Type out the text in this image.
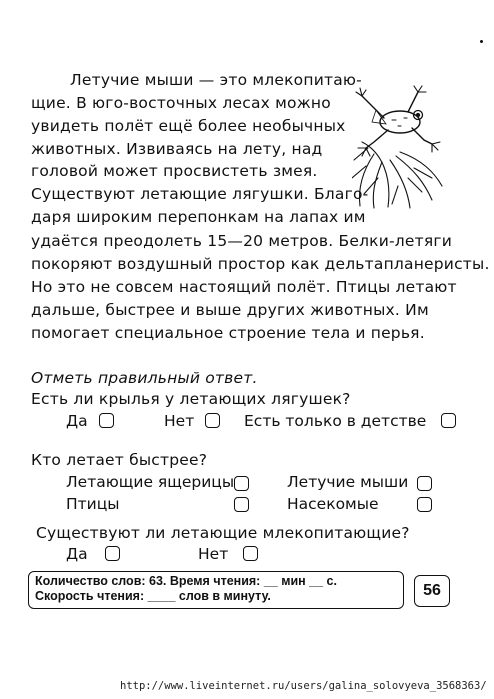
Летучие мыши — это млекопитаю-
щие. В юго-восточных лесах можно
увидеть полёт ещё более необычных
животных. Извиваясь на лету, над
головой может просвистеть змея.
Существуют летающие лягушки. Благо-
даря широким перепонкам на лапах им
удаётся преодолеть 15—20 метров. Белки-летяги
покоряют воздушный простор как дельтапланеристы.
Но это не совсем настоящий полёт. Птицы летают
дальше, быстрее и выше других животных. Им
помогает специальное строение тела и перья.
Отметь правильный ответ.
Есть ли крылья у летающих лягушек?
Да	Нет	Есть только в детстве
Кто летает быстрее?
Летающие ящерицы	Летучие мыши
Птицы	Насекомые
Существуют ли летающие млекопитающие?
Да	Нет
Количество слов: 63. Время чтения: __ мин __ с.
Скорость чтения: ____ слов в минуту.	56
http://www.liveinternet.ru/users/galina_solovyeva_3568363/
